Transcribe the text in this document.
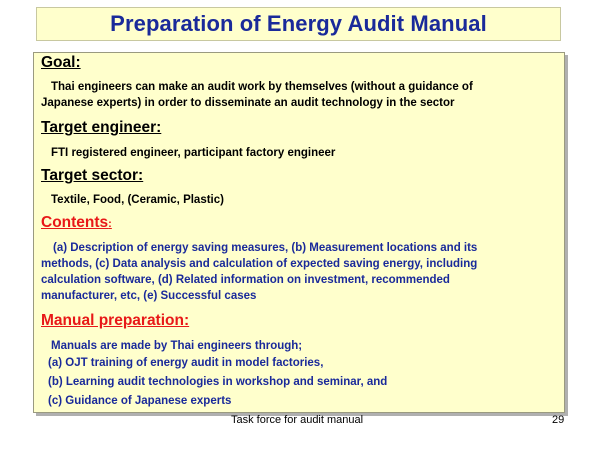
Preparation of Energy Audit Manual
Goal:
Thai engineers can make an audit work by themselves (without a guidance of
Japanese experts) in order to disseminate an audit technology in the sector
Target engineer:
FTI registered engineer, participant factory engineer
Target sector:
Textile, Food, (Ceramic, Plastic)
Contents:
(a) Description of energy saving measures, (b) Measurement locations and its
methods, (c) Data analysis and calculation of expected saving energy, including
calculation software, (d) Related information on investment, recommended
manufacturer, etc, (e) Successful cases
Manual preparation:
Manuals are made by Thai engineers through;
(a) OJT training of energy audit in model factories,
(b) Learning audit technologies in workshop and seminar, and
(c) Guidance of Japanese experts
Task force for audit manual	29
